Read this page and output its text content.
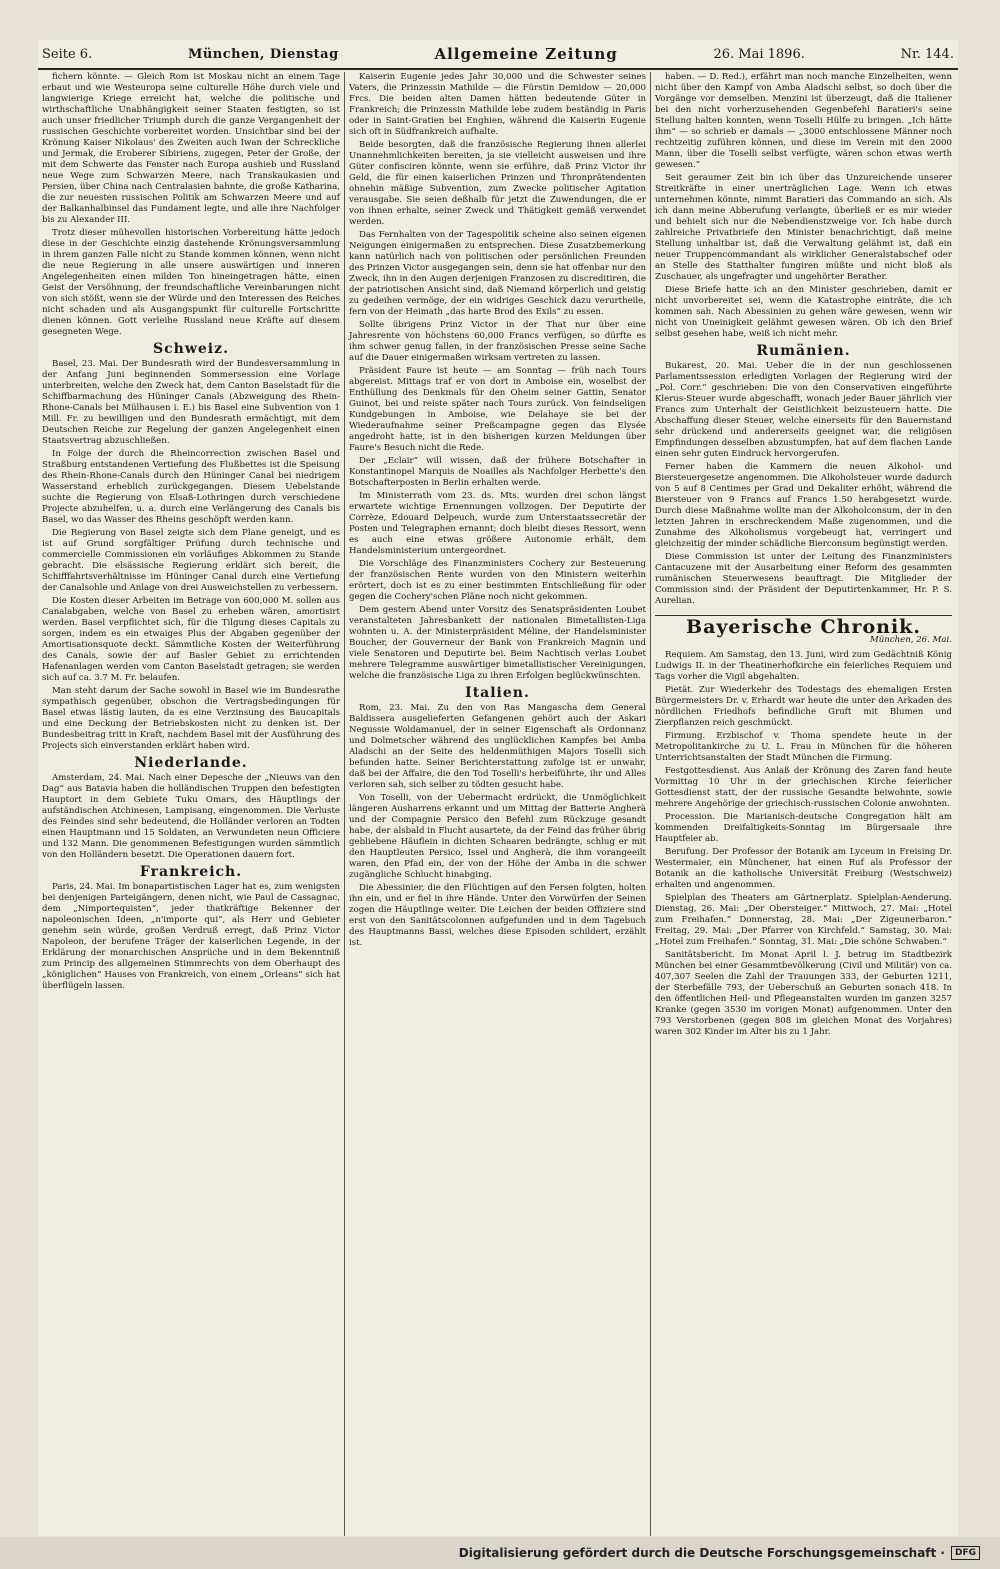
Seite 6.	München, Dienstag	Allgemeine Zeitung	26. Mai 1896.	Nr. 144.

fichern könnte. — Gleich Rom ist Moskau nicht an einem Tage erbaut und wie Westeuropa seine culturelle Höhe durch viele und langwierige Kriege erreicht hat, welche die politische und wirthschaftliche Unabhängigkeit seiner Staaten festigten, so ist auch unser friedlicher Triumph durch die ganze Vergangenheit der russischen Geschichte vorbereitet worden. Unsichtbar sind bei der Krönung Kaiser Nikolaus' des Zweiten auch Iwan der Schreckliche und Jermak, die Eroberer Sibiriens, zugegen, Peter der Große, der mit dem Schwerte das Fenster nach Europa aushieb und Russland neue Wege zum Schwarzen Meere, nach Transkaukasien und Persien, über China nach Centralasien bahnte, die große Katharina, die zur neuesten russischen Politik am Schwarzen Meere und auf der Balkanhalbinsel das Fundament legte, und alle ihre Nachfolger bis zu Alexander III.

Trotz dieser mühevollen historischen Vorbereitung hätte jedoch diese in der Geschichte einzig dastehende Krönungsversammlung in ihrem ganzen Falle nicht zu Stande kommen können, wenn nicht die neue Regierung in alle unsere auswärtigen und inneren Angelegenheiten einen milden Ton hineingetragen hätte, einen Geist der Versöhnung, der freundschaftliche Vereinbarungen nicht von sich stößt, wenn sie der Würde und den Interessen des Reiches nicht schaden und als Ausgangspunkt für culturelle Fortschritte dienen können. Gott verleihe Russland neue Kräfte auf diesem gesegneten Wege.

Schweiz.

Basel, 23. Mai. Der Bundesrath wird der Bundesversammlung in der Anfang Juni beginnenden Sommersession eine Vorlage unterbreiten, welche den Zweck hat, dem Canton Baselstadt für die Schiffbarmachung des Hüninger Canals (Abzweigung des Rhein-Rhone-Canals bei Mülhausen i. E.) bis Basel eine Subvention von 1 Mill. Fr. zu bewilligen und den Bundesrath ermächtigt, mit dem Deutschen Reiche zur Regelung der ganzen Angelegenheit einen Staatsvertrag abzuschließen.

In Folge der durch die Rheincorrection zwischen Basel und Straßburg entstandenen Vertiefung des Flußbettes ist die Speisung des Rhein-Rhone-Canals durch den Hüninger Canal bei niedrigem Wasserstand erheblich zurückgegangen. Diesem Uebelstande suchte die Regierung von Elsaß-Lothringen durch verschiedene Projecte abzuhelfen, u. a. durch eine Verlängerung des Canals bis Basel, wo das Wasser des Rheins geschöpft werden kann.

Die Regierung von Basel zeigte sich dem Plane geneigt, und es ist auf Grund sorgfältiger Prüfung durch technische und commercielle Commissionen ein vorläufiges Abkommen zu Stande gebracht. Die elsässische Regierung erklärt sich bereit, die Schifffahrtsverhältnisse im Hüninger Canal durch eine Vertiefung der Canalsohle und Anlage von drei Ausweichstellen zu verbessern.

Die Kosten dieser Arbeiten im Betrage von 600,000 M. sollen aus Canalabgaben, welche von Basel zu erheben wären, amortisirt werden. Basel verpflichtet sich, für die Tilgung dieses Capitals zu sorgen, indem es ein etwaiges Plus der Abgaben gegenüber der Amortisationsquote deckt. Sämmtliche Kosten der Weiterführung des Canals, sowie der auf Basler Gebiet zu errichtenden Hafenanlagen werden vom Canton Baselstadt getragen; sie werden sich auf ca. 3.7 M. Fr. belaufen.

Man steht darum der Sache sowohl in Basel wie im Bundesrathe sympathisch gegenüber, obschon die Vertragsbedingungen für Basel etwas lästig lauten, da es eine Verzinsung des Baucapitals und eine Deckung der Betriebskosten nicht zu denken ist. Der Bundesbeitrag tritt in Kraft, nachdem Basel mit der Ausführung des Projects sich einverstanden erklärt haben wird.

Niederlande.

Amsterdam, 24. Mai. Nach einer Depesche der „Nieuws van den Dag“ aus Batavia haben die holländischen Truppen den befestigten Hauptort in dem Gebiete Tuku Omars, des Häuptlings der aufständischen Atchinesen, Lampisang, eingenommen. Die Verluste des Feindes sind sehr bedeutend, die Holländer verloren an Todten einen Hauptmann und 15 Soldaten, an Verwundeten neun Officiere und 132 Mann. Die genommenen Befestigungen wurden sämmtlich von den Holländern besetzt. Die Operationen dauern fort.

Frankreich.

Paris, 24. Mai. Im bonapartistischen Lager hat es, zum wenigsten bei denjenigen Parteigängern, denen nicht, wie Paul de Cassagnac, dem „Nimportequisten“, jeder thatkräftige Bekenner der napoleonischen Ideen, „n'importe qui“, als Herr und Gebieter genehm sein würde, großen Verdruß erregt, daß Prinz Victor Napoleon, der berufene Träger der kaiserlichen Legende, in der Erklärung der monarchischen Ansprüche und in dem Bekenntniß zum Princip des allgemeinen Stimmrechts von dem Oberhaupt des „königlichen“ Hauses von Frankreich, von einem „Orleans“ sich hat überflügeln lassen.

Kaiserin Eugenie jedes Jahr 30,000 und die Schwester seines Vaters, die Prinzessin Mathilde — die Fürstin Demidow — 20,000 Frcs. Die beiden alten Damen hätten bedeutende Güter in Frankreich; die Prinzessin Mathilde lebe zudem beständig in Paris oder in Saint-Gratien bei Enghien, während die Kaiserin Eugenie sich oft in Südfrankreich aufhalte.

Beide besorgten, daß die französische Regierung ihnen allerlei Unannehmlichkeiten bereiten, ja sie vielleicht ausweisen und ihre Güter confisciren könnte, wenn sie erführe, daß Prinz Victor ihr Geld, die für einen kaiserlichen Prinzen und Thronprätendenten ohnehin mäßige Subvention, zum Zwecke politischer Agitation verausgabe. Sie seien deßhalb für jetzt die Zuwendungen, die er von ihnen erhalte, seiner Zweck und Thätigkeit gemäß verwendet werden.

Das Fernhalten von der Tagespolitik scheine also seinen eigenen Neigungen einigermaßen zu entsprechen. Diese Zusatzbemerkung kann natürlich nach von politischen oder persönlichen Freunden des Prinzen Victor ausgegangen sein, denn sie hat offenbar nur den Zweck, ihn in den Augen derjenigen Franzosen zu discreditiren, die der patriotischen Ansicht sind, daß Niemand körperlich und geistig zu gedeihen vermöge, der ein widriges Geschick dazu verurtheile, fern von der Heimath „das harte Brod des Exils“ zu essen.

Sollte übrigens Prinz Victor in der That nur über eine Jahresrente von höchstens 60,000 Francs verfügen, so dürfte es ihm schwer genug fallen, in der französischen Presse seine Sache auf die Dauer einigermaßen wirksam vertreten zu lassen.

Präsident Faure ist heute — am Sonntag — früh nach Tours abgereist. Mittags traf er von dort in Amboise ein, woselbst der Enthüllung des Denkmals für den Oheim seiner Gattin, Senator Guinot, bei und reiste später nach Tours zurück. Von feindseligen Kundgebungen in Amboise, wie Delahaye sie bei der Wiederaufnahme seiner Preßcampagne gegen das Elysée angedroht hatte, ist in den bisherigen kurzen Meldungen über Faure's Besuch nicht die Rede.

Der „Eclair“ will wissen, daß der frühere Botschafter in Konstantinopel Marquis de Noailles als Nachfolger Herbette's den Botschafterposten in Berlin erhalten werde.

Im Ministerrath vom 23. ds. Mts. wurden drei schon längst erwartete wichtige Ernennungen vollzogen. Der Deputirte der Corrèze, Edouard Delpeuch, wurde zum Unterstaatssecretär der Posten und Telegraphen ernannt; doch bleibt dieses Ressort, wenn es auch eine etwas größere Autonomie erhält, dem Handelsministerium untergeordnet.

Die Vorschläge des Finanzministers Cochery zur Besteuerung der französischen Rente wurden von den Ministern weiterhin erörtert, doch ist es zu einer bestimmten Entschließung für oder gegen die Cochery'schen Pläne noch nicht gekommen.

Dem gestern Abend unter Vorsitz des Senatspräsidenten Loubet veranstalteten Jahresbankett der nationalen Bimetallisten-Liga wohnten u. A. der Ministerpräsident Méline, der Handelsminister Boucher, der Gouverneur der Bank von Frankreich Magnin und viele Senatoren und Deputirte bei. Beim Nachtisch verlas Loubet mehrere Telegramme auswärtiger bimetallistischer Vereinigungen, welche die französische Liga zu ihren Erfolgen beglückwünschten.

Italien.

Rom, 23. Mai. Zu den von Ras Mangascha dem General Baldissera ausgelieferten Gefangenen gehört auch der Askari Negussie Woldamanuel, der in seiner Eigenschaft als Ordonnanz und Dolmetscher während des unglücklichen Kampfes bei Amba Aladschi an der Seite des heldenmüthigen Majors Toselli sich befunden hatte. Seiner Berichterstattung zufolge ist er unwahr, daß bei der Affaire, die den Tod Toselli's herbeiführte, ihr und Alles verloren sah, sich selber zu tödten gesucht habe.

Von Toselli, von der Uebermacht erdrückt, die Unmöglichkeit längeren Ausharrens erkannt und um Mittag der Batterie Angherà und der Compagnie Persico den Befehl zum Rückzuge gesandt habe, der alsbald in Flucht ausartete, da der Feind das früher übrig gebliebene Häuflein in dichten Schaaren bedrängte, schlug er mit den Hauptleuten Persico, Issel und Angherà, die ihm vorangeeilt waren, den Pfad ein, der von der Höhe der Amba in die schwer zugängliche Schlucht hinabging.

Die Abessinier, die den Flüchtigen auf den Fersen folgten, holten ihn ein, und er fiel in ihre Hände. Unter den Vorwürfen der Seinen zogen die Häuptlinge weiter. Die Leichen der beiden Offiziere sind erst von den Sanitätscolonnen aufgefunden und in dem Tagebuch des Hauptmanns Bassi, welches diese Episoden schildert, erzählt ist.

haben. — D. Red.), erfährt man noch manche Einzelheiten, wenn nicht über den Kampf von Amba Aladschi selbst, so doch über die Vorgänge vor demselben. Menzini ist überzeugt, daß die Italiener bei den nicht vorherzusehenden Gegenbefehl Baratieri's seine Stellung halten konnten, wenn Toselli Hülfe zu bringen. „Ich hätte ihm“ — so schrieb er damals — „3000 entschlossene Männer noch rechtzeitig zuführen können, und diese im Verein mit den 2000 Mann, über die Toselli selbst verfügte, wären schon etwas werth gewesen.“

Seit geraumer Zeit bin ich über das Unzureichende unserer Streitkräfte in einer unerträglichen Lage. Wenn ich etwas unternehmen könnte, nimmt Baratieri das Commando an sich. Als ich dann meine Abberufung verlangte, überließ er es mir wieder und behielt sich nur die Nebendienstzweige vor. Ich habe durch zahlreiche Privatbriefe den Minister benachrichtigt, daß meine Stellung unhaltbar ist, daß die Verwaltung gelähmt ist, daß ein neuer Truppencommandant als wirklicher Generalstabschef oder an Stelle des Statthalter fungiren müßte und nicht bloß als Zuschauer, als ungefragter und ungehörter Berather.

Diese Briefe hatte ich an den Minister geschrieben, damit er nicht unvorbereitet sei, wenn die Katastrophe einträte, die ich kommen sah. Nach Abessinien zu gehen wäre gewesen, wenn wir nicht von Uneinigkeit gelähmt gewesen wären. Ob ich den Brief selbst gesehen habe, weiß ich nicht mehr.

Rumänien.

Bukarest, 20. Mai. Ueber die in der nun geschlossenen Parlamentssession erledigten Vorlagen der Regierung wird der „Pol. Corr.“ geschrieben: Die von den Conservativen eingeführte Klerus-Steuer wurde abgeschafft, wonach jeder Bauer jährlich vier Francs zum Unterhalt der Geistlichkeit beizusteuern hatte. Die Abschaffung dieser Steuer, welche einerseits für den Bauernstand sehr drückend und andererseits geeignet war, die religiösen Empfindungen desselben abzustumpfen, hat auf dem flachen Lande einen sehr guten Eindruck hervorgerufen.

Ferner haben die Kammern die neuen Alkohol- und Biersteuergesetze angenommen. Die Alkoholsteuer wurde dadurch von 5 auf 8 Centimes per Grad und Dekaliter erhöht, während die Biersteuer von 9 Francs auf Francs 1.50 herabgesetzt wurde. Durch diese Maßnahme wollte man der Alkoholconsum, der in den letzten Jahren in erschreckendem Maße zugenommen, und die Zunahme des Alkoholismus vorgebeugt hat, verringert und gleichzeitig der minder schädliche Bierconsum begünstigt werden.

Diese Commission ist unter der Leitung des Finanzministers Cantacuzene mit der Ausarbeitung einer Reform des gesammten rumänischen Steuerwesens beauftragt. Die Mitglieder der Commission sind: der Präsident der Deputirtenkammer, Hr. P. S. Aurelian.

Bayerische Chronik.
München, 26. Mai.

Requiem. Am Samstag, den 13. Juni, wird zum Gedächtniß König Ludwigs II. in der Theatinerhofkirche ein feierliches Requiem und Tags vorher die Vigil abgehalten.

Pietät. Zur Wiederkehr des Todestags des ehemaligen Ersten Bürgermeisters Dr. v. Erhardt war heute die unter den Arkaden des nördlichen Friedhofs befindliche Gruft mit Blumen und Zierpflanzen reich geschmückt.

Firmung. Erzbischof v. Thoma spendete heute in der Metropolitankirche zu U. L. Frau in München für die höheren Unterrichtsanstalten der Stadt München die Firmung.

Festgottesdienst. Aus Anlaß der Krönung des Zaren fand heute Vormittag 10 Uhr in der griechischen Kirche feierlicher Gottesdienst statt, der der russische Gesandte beiwohnte, sowie mehrere Angehörige der griechisch-russischen Colonie anwohnten.

Procession. Die Marianisch-deutsche Congregation hält am kommenden Dreifaltigkeits-Sonntag im Bürgersaale ihre Hauptfeier ab.

Berufung. Der Professor der Botanik am Lyceum in Freising Dr. Westermaier, ein Münchener, hat einen Ruf als Professor der Botanik an die katholische Universität Freiburg (Westschweiz) erhalten und angenommen.

Spielplan des Theaters am Gärtnerplatz. Spielplan-Aenderung. Dienstag, 26. Mai: „Der Obersteiger.“ Mittwoch, 27. Mai: „Hotel zum Freihafen.“ Donnerstag, 28. Mai: „Der Zigeunerbaron.“ Freitag, 29. Mai: „Der Pfarrer von Kirchfeld.“ Samstag, 30. Mai: „Hotel zum Freihafen.“ Sonntag, 31. Mai: „Die schöne Schwaben.“

Sanitätsbericht. Im Monat April l. J. betrug im Stadtbezirk München bei einer Gesammtbevölkerung (Civil und Militär) von ca. 407,307 Seelen die Zahl der Trauungen 333, der Geburten 1211, der Sterbefälle 793, der Ueberschuß an Geburten sonach 418. In den öffentlichen Heil- und Pflegeanstalten wurden im ganzen 3257 Kranke (gegen 3530 im vorigen Monat) aufgenommen. Unter den 793 Verstorbenen (gegen 808 im gleichen Monat des Vorjahres) waren 302 Kinder im Alter bis zu 1 Jahr.

Digitalisierung gefördert durch die Deutsche Forschungsgemeinschaft ·	DFG
